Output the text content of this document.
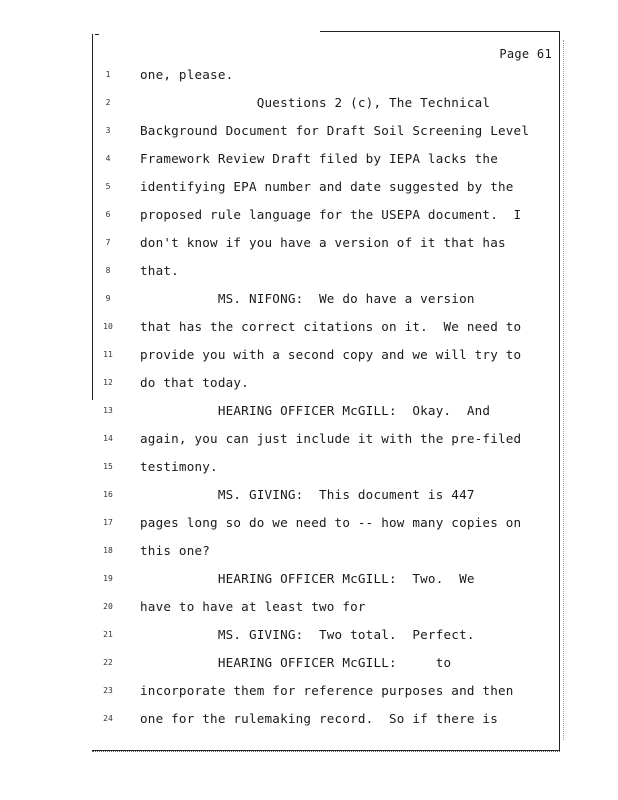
Page 61
1	one, please.
2	Questions 2 (c), The Technical
3	Background Document for Draft Soil Screening Level
4	Framework Review Draft filed by IEPA lacks the
5	identifying EPA number and date suggested by the
6	proposed rule language for the USEPA document.  I
7	don't know if you have a version of it that has
8	that.
9	MS. NIFONG:  We do have a version
10	that has the correct citations on it.  We need to
11	provide you with a second copy and we will try to
12	do that today.
13	HEARING OFFICER McGILL:  Okay.  And
14	again, you can just include it with the pre-filed
15	testimony.
16	MS. GIVING:  This document is 447
17	pages long so do we need to -- how many copies on
18	this one?
19	HEARING OFFICER McGILL:  Two.  We
20	have to have at least two for
21	MS. GIVING:  Two total.  Perfect.
22	HEARING OFFICER McGILL:     to
23	incorporate them for reference purposes and then
24	one for the rulemaking record.  So if there is
